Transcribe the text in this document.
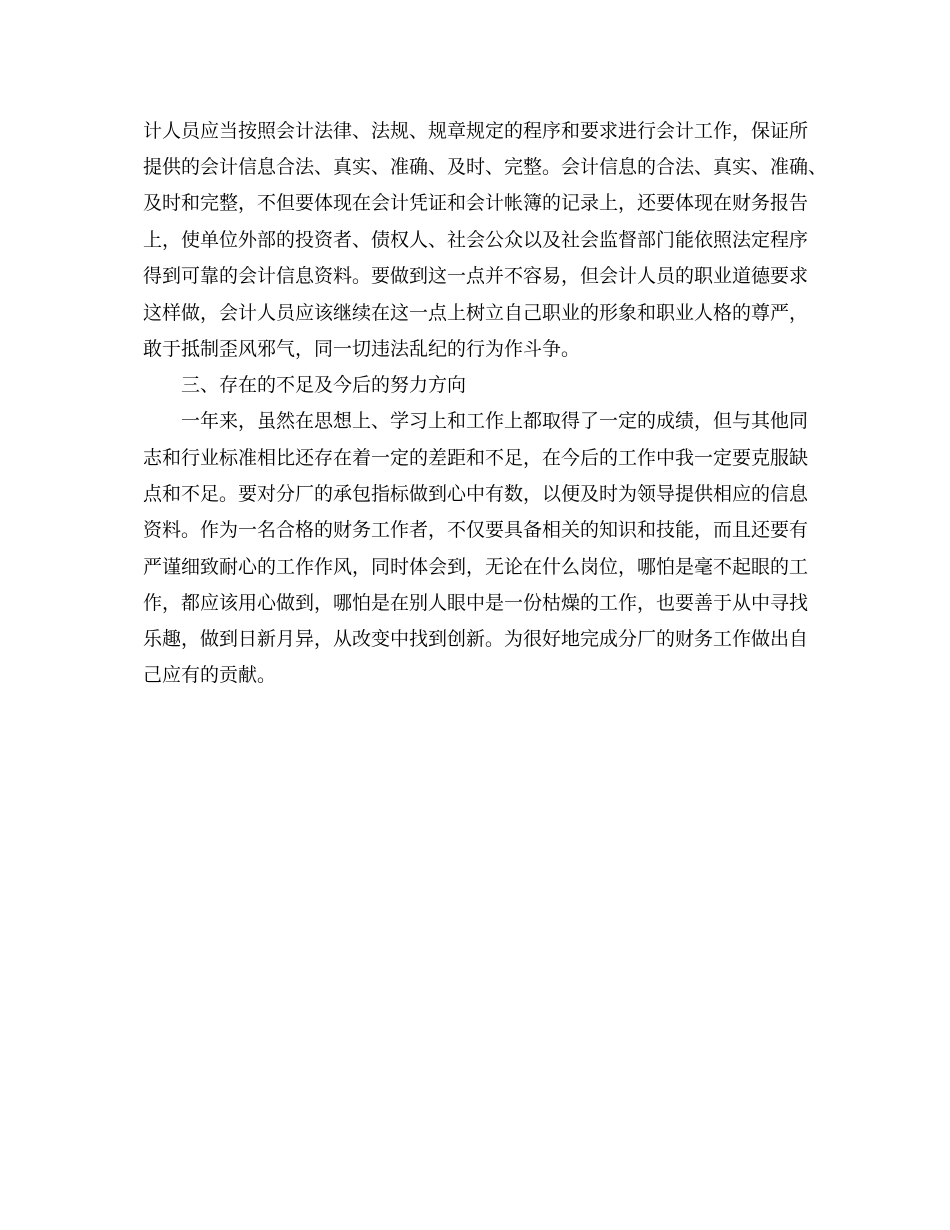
计人员应当按照会计法律、法规、规章规定的程序和要求进行会计工作，保证所
提供的会计信息合法、真实、准确、及时、完整。会计信息的合法、真实、准确、
及时和完整，不但要体现在会计凭证和会计帐簿的记录上，还要体现在财务报告
上，使单位外部的投资者、债权人、社会公众以及社会监督部门能依照法定程序
得到可靠的会计信息资料。要做到这一点并不容易，但会计人员的职业道德要求
这样做，会计人员应该继续在这一点上树立自己职业的形象和职业人格的尊严，
敢于抵制歪风邪气，同一切违法乱纪的行为作斗争。
三、存在的不足及今后的努力方向
一年来，虽然在思想上、学习上和工作上都取得了一定的成绩，但与其他同
志和行业标准相比还存在着一定的差距和不足，在今后的工作中我一定要克服缺
点和不足。要对分厂的承包指标做到心中有数，以便及时为领导提供相应的信息
资料。作为一名合格的财务工作者，不仅要具备相关的知识和技能，而且还要有
严谨细致耐心的工作作风，同时体会到，无论在什么岗位，哪怕是毫不起眼的工
作，都应该用心做到，哪怕是在别人眼中是一份枯燥的工作，也要善于从中寻找
乐趣，做到日新月异，从改变中找到创新。为很好地完成分厂的财务工作做出自
己应有的贡献。
